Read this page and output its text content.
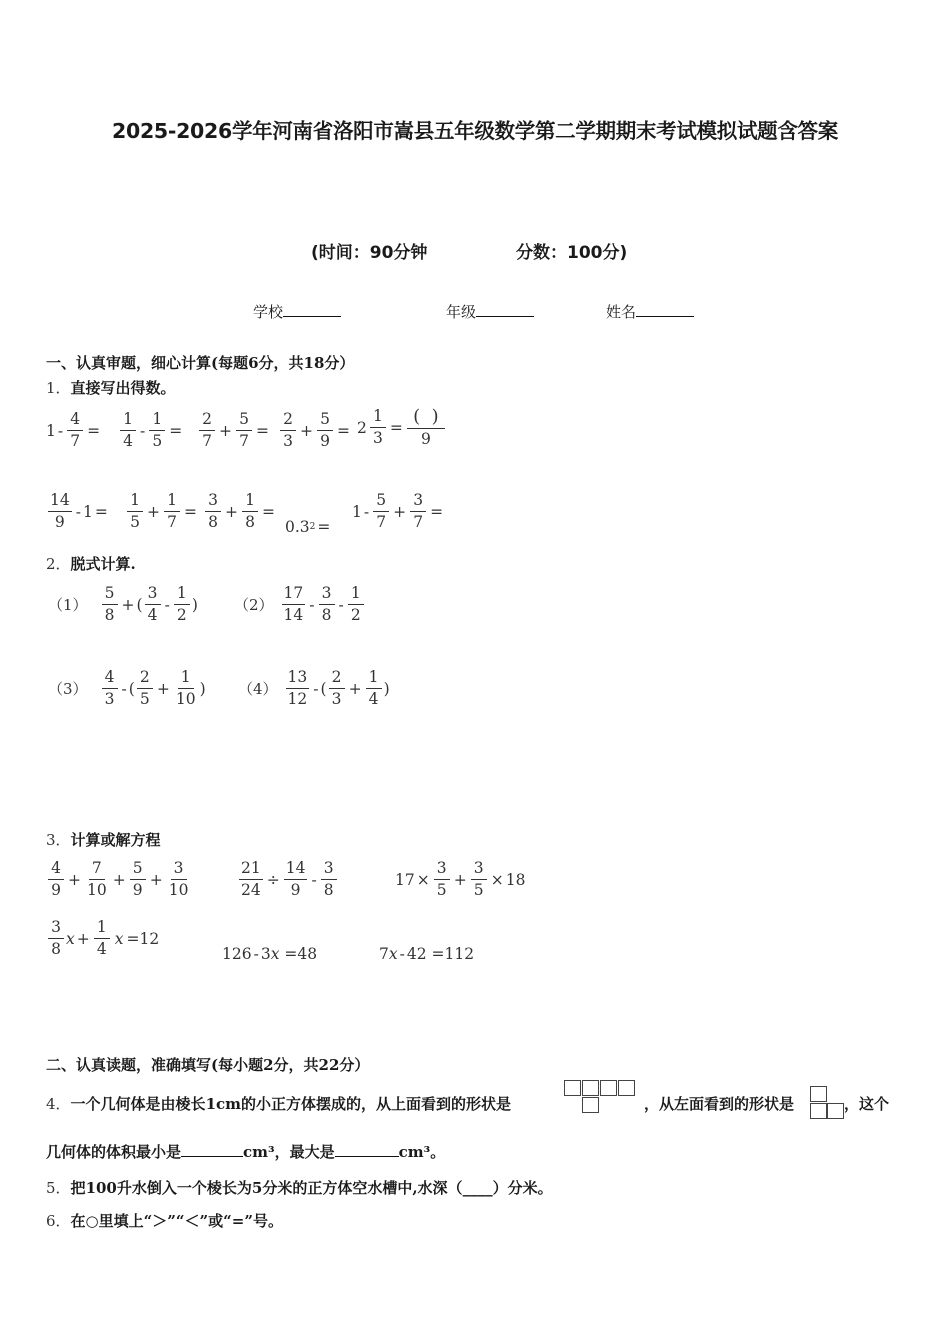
2025-2026学年河南省洛阳市嵩县五年级数学第二学期期末考试模拟试题含答案
(时间：90分钟	分数：100分)
学校	年级	姓名
一、认真审题，细心计算(每题6分，共18分）
1．直接写出得数。
$1 - \frac{4}{7}$ =
1
4
- $\frac{1}{5}$ =
2
7
+ $\frac{5}{7}$ =
2
3
+ $\frac{5}{9} = 2 \frac{1}{3}$ =
(  )
9
14
9
- 1 =
1
5
+ $\frac{1}{7}$ =
3
8
+ $\frac{1}{8}$ =
0.3 2 =
1 -
5
7
+ $\frac{3}{7}$ =
2．脱式计算.
（1）
5
8
+ ( $\frac{3}{4}$ -
1
2
) （2）
17
14
-
3
8
-
1
2
（3）
4
3
- (
2
5
+ $\frac{1}{10}$ ) （4）
13
12
- (
2
3
+ $\frac{1}{4}$ )
3．计算或解方程
4
9
+ $\frac{7}{10} + \frac{5}{9} + \frac{3}{10}$	$\frac{21}{24} \div \frac{14}{9}$ -
3
8
$17 \times \frac{3}{5} + \frac{3}{5} \times 18$
3
8
$x + \frac{1}{4}$ x =12
126 - 3 x =48	7 x - 42 =112
二、认真读题，准确填写(每小题2分，共22分）
4．一个几何体是由棱长1cm的小正方体摆成的，从上面看到的形状是	，从左面看到的形状是	，这个
几何体的体积最小是	cm³，最大是	cm³。
5．把100升水倒入一个棱长为5分米的正方体空水槽中,水深（____）分米。
6．在○里填上“＞”“＜”或“=”号。
